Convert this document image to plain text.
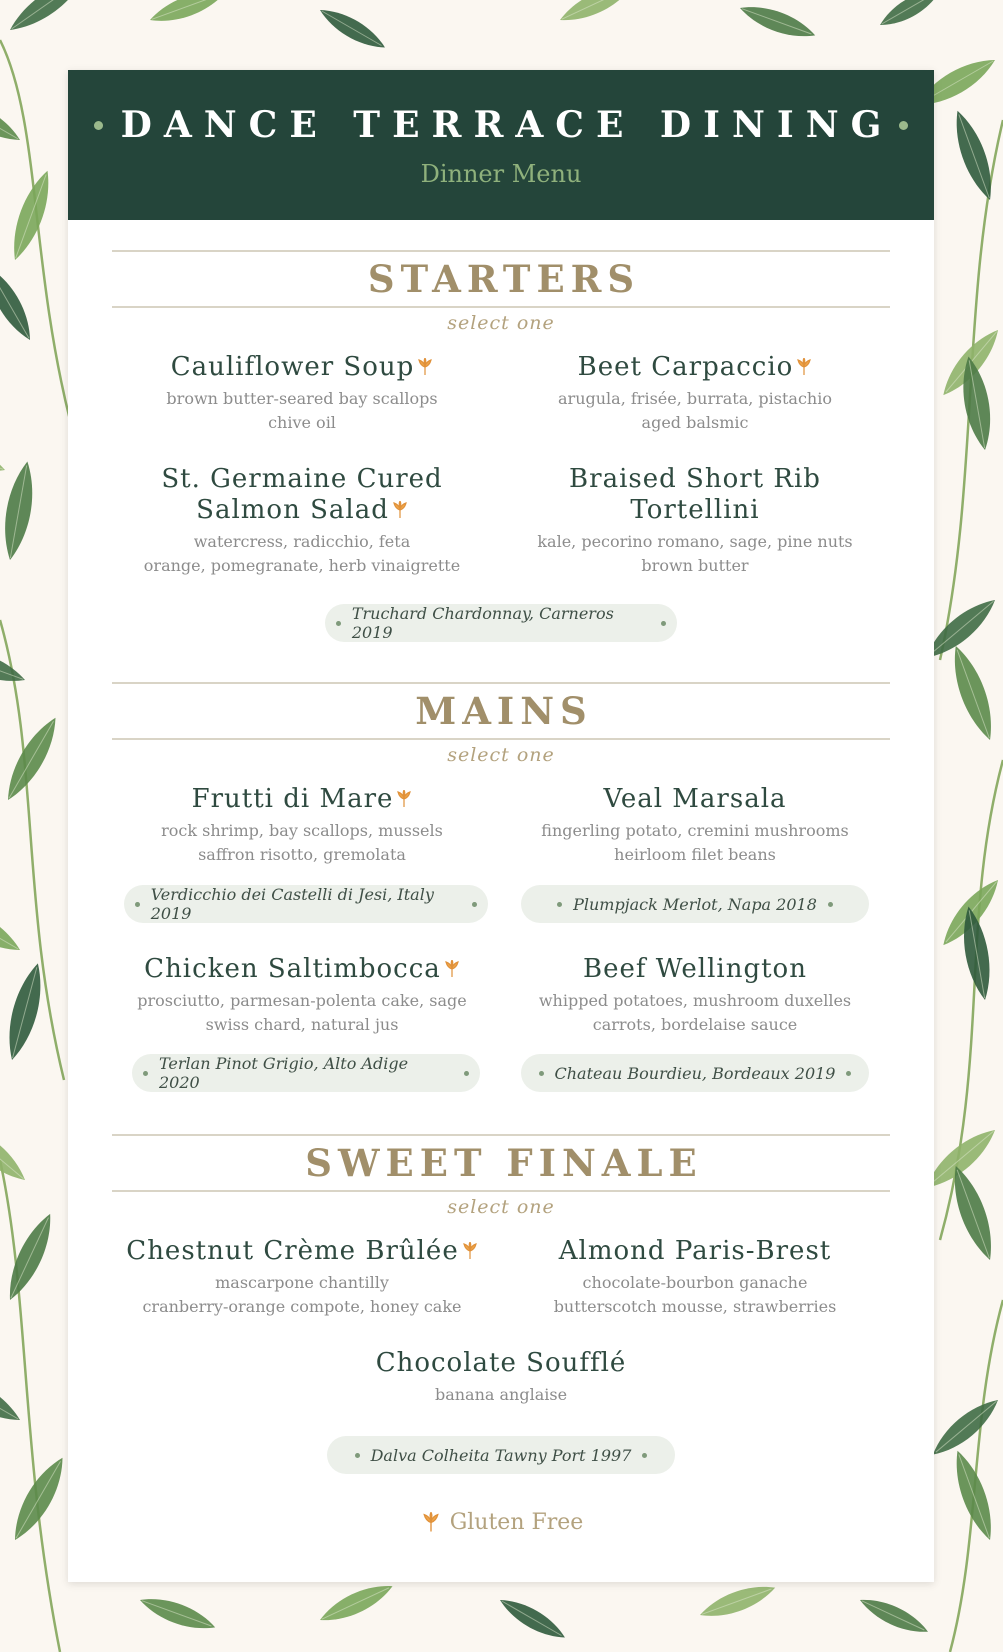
DANCE TERRACE DINING
Dinner Menu
STARTERS
select one
Cauliflower Soup
brown butter-seared bay scallops
chive oil
Beet Carpaccio
arugula, frisée, burrata, pistachio
aged balsmic
St. Germaine Cured
Salmon Salad
watercress, radicchio, feta
orange, pomegranate, herb vinaigrette
Braised Short Rib Tortellini
kale, pecorino romano, sage, pine nuts
brown butter
Truchard Chardonnay, Carneros 2019
MAINS
select one
Frutti di Mare
rock shrimp, bay scallops, mussels
saffron risotto, gremolata
Verdicchio dei Castelli di Jesi, Italy 2019
Veal Marsala
fingerling potato, cremini mushrooms
heirloom filet beans
Plumpjack Merlot, Napa 2018
Chicken Saltimbocca
prosciutto, parmesan-polenta cake, sage
swiss chard, natural jus
Terlan Pinot Grigio, Alto Adige 2020
Beef Wellington
whipped potatoes, mushroom duxelles
carrots, bordelaise sauce
Chateau Bourdieu, Bordeaux 2019
SWEET FINALE
select one
Chestnut Crème Brûlée
mascarpone chantilly
cranberry-orange compote, honey cake
Almond Paris-Brest
chocolate-bourbon ganache
butterscotch mousse, strawberries
Chocolate Soufflé
banana anglaise
Dalva Colheita Tawny Port 1997
Gluten Free
